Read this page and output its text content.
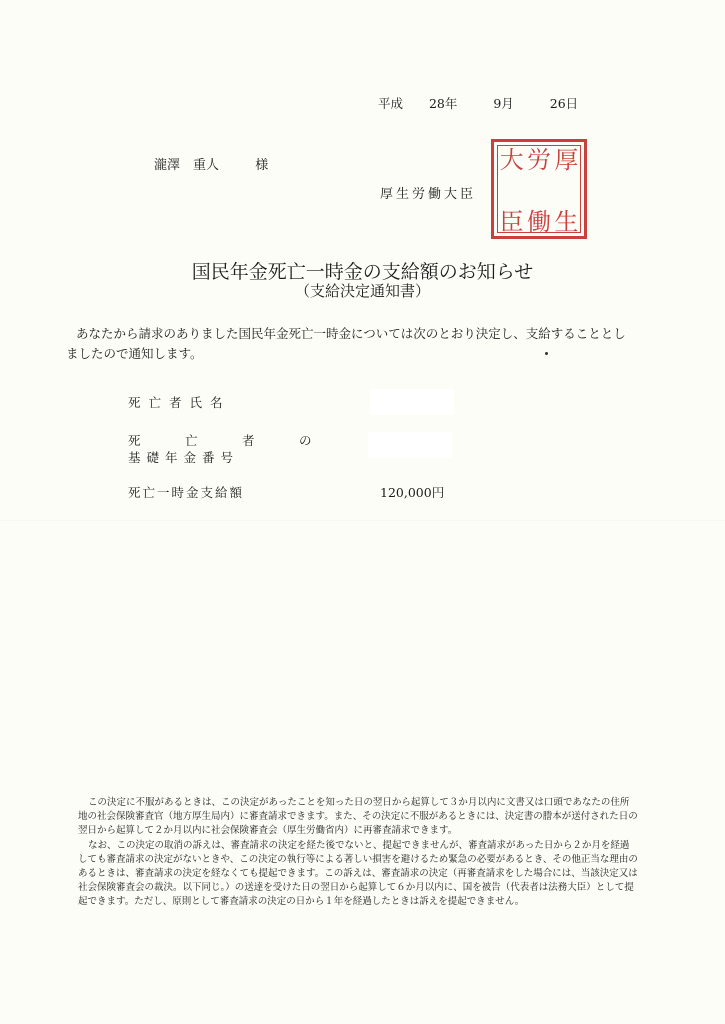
平成 28年	9月	26日
瀧澤　重人	様
厚生労働大臣
厚
生
労
働
大
臣
国民年金死亡一時金の支給額のお知らせ
（支給決定通知書）
あなたから請求のありました国民年金死亡一時金については次のとおり決定し、支給することとしましたので通知します。
死亡者氏名
死　亡　者　の
基礎年金番号
死亡一時金支給額	120,000円

この決定に不服があるときは、この決定があったことを知った日の翌日から起算して３か月以内に文書又は口頭であなたの住所地の社会保険審査官（地方厚生局内）に審査請求できます。また、その決定に不服があるときには、決定書の謄本が送付された日の翌日から起算して２か月以内に社会保険審査会（厚生労働省内）に再審査請求できます。

なお、この決定の取消の訴えは、審査請求の決定を経た後でないと、提起できませんが、審査請求があった日から２か月を経過しても審査請求の決定がないときや、この決定の執行等による著しい損害を避けるため緊急の必要があるとき、その他正当な理由のあるときは、審査請求の決定を経なくても提起できます。この訴えは、審査請求の決定（再審査請求をした場合には、当該決定又は社会保険審査会の裁決。以下同じ。）の送達を受けた日の翌日から起算して６か月以内に、国を被告（代表者は法務大臣）として提起できます。ただし、原則として審査請求の決定の日から１年を経過したときは訴えを提起できません。
